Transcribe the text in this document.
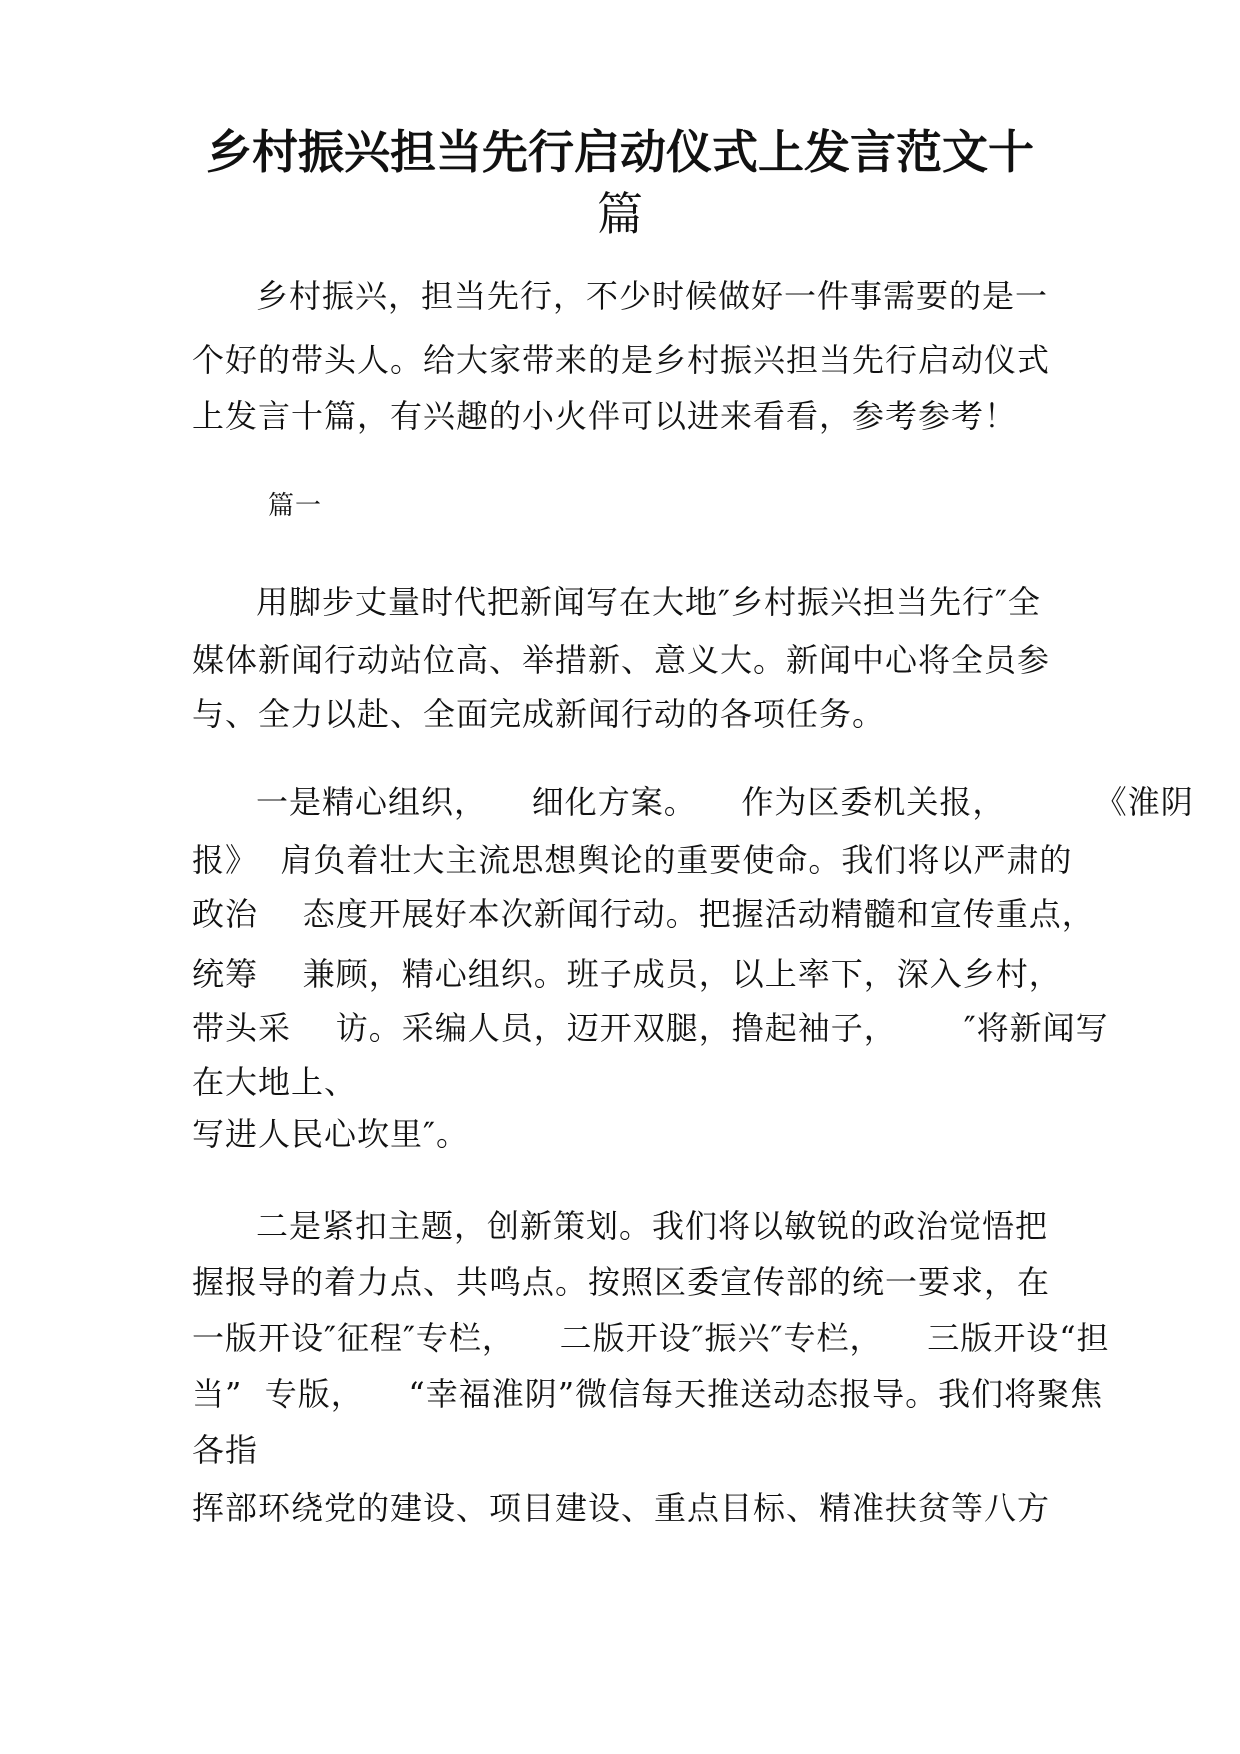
乡村振兴担当先行启动仪式上发言范文十
篇
乡村振兴，担当先行，不少时候做好一件事需要的是一
个好的带头人。给大家带来的是乡村振兴担当先行启动仪式
上发言十篇，有兴趣的小火伴可以进来看看，参考参考！
篇一
用脚步丈量时代把新闻写在大地″乡村振兴担当先行″全
媒体新闻行动站位高、举措新、意义大。新闻中心将全员参
与、全力以赴、全面完成新闻行动的各项任务。
一是精心组织，    细化方案。    作为区委机关报，        《淮阴
报》  肩负着壮大主流思想舆论的重要使命。我们将以严肃的
政治    态度开展好本次新闻行动。把握活动精髓和宣传重点，
统筹    兼顾，精心组织。班子成员，以上率下，深入乡村，
带头采    访。采编人员，迈开双腿，撸起袖子，      ″将新闻写
在大地上、
写进人民心坎里″。
二是紧扣主题，创新策划。我们将以敏锐的政治觉悟把
握报导的着力点、共鸣点。按照区委宣传部的统一要求，在
一版开设″征程″专栏，    二版开设″振兴″专栏，    三版开设“担
当”  专版，    “幸福淮阴”微信每天推送动态报导。我们将聚焦
各指
挥部环绕党的建设、项目建设、重点目标、精准扶贫等八方
